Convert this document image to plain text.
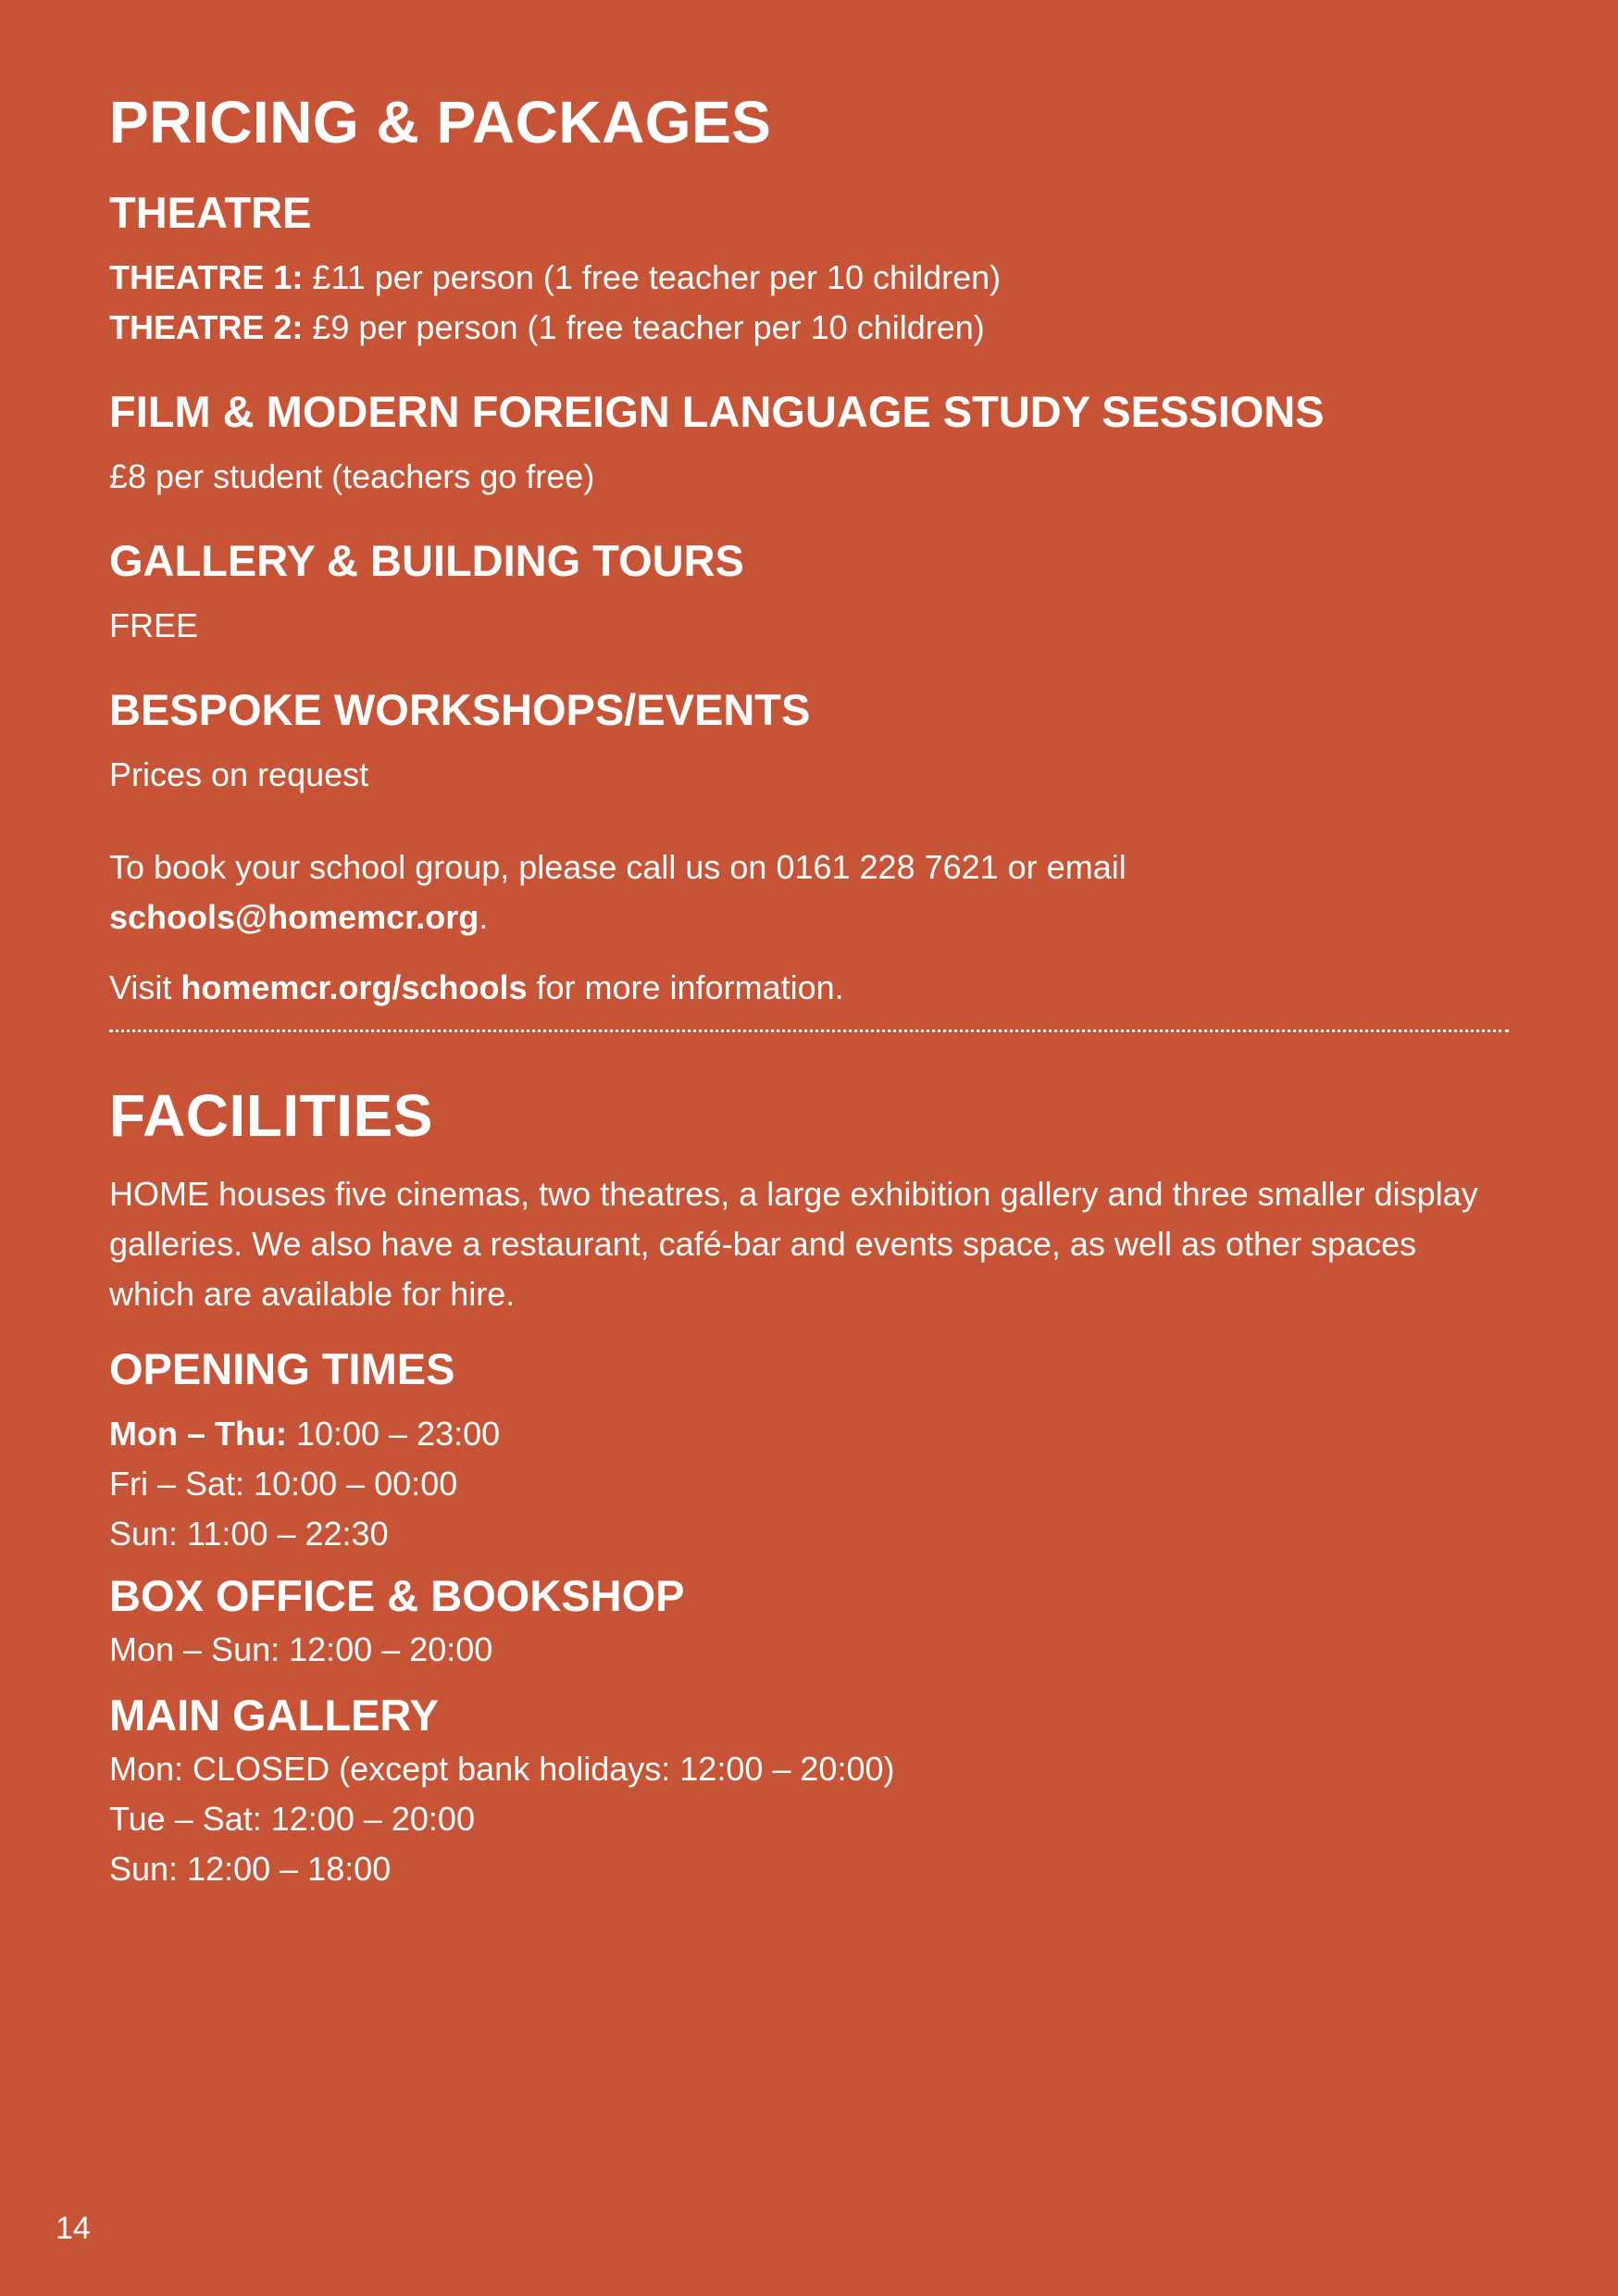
PRICING & PACKAGES
THEATRE

THEATRE 1: £11 per person (1 free teacher per 10 children)

THEATRE 2: £9 per person (1 free teacher per 10 children)

FILM & MODERN FOREIGN LANGUAGE STUDY SESSIONS

£8 per student (teachers go free)

GALLERY & BUILDING TOURS

FREE

BESPOKE WORKSHOPS/EVENTS

Prices on request

To book your school group, please call us on 0161 228 7621 or email

schools@homemcr.org.

Visit homemcr.org/schools for more information.

FACILITIES

HOME houses five cinemas, two theatres, a large exhibition gallery and three smaller display galleries. We also have a restaurant, café-bar and events space, as well as other spaces which are available for hire.

OPENING TIMES

Mon – Thu: 10:00 – 23:00

Fri – Sat: 10:00 – 00:00

Sun: 11:00 – 22:30

BOX OFFICE & BOOKSHOP

Mon – Sun: 12:00 – 20:00

MAIN GALLERY

Mon: CLOSED (except bank holidays: 12:00 – 20:00)

Tue – Sat: 12:00 – 20:00

Sun: 12:00 – 18:00

14
